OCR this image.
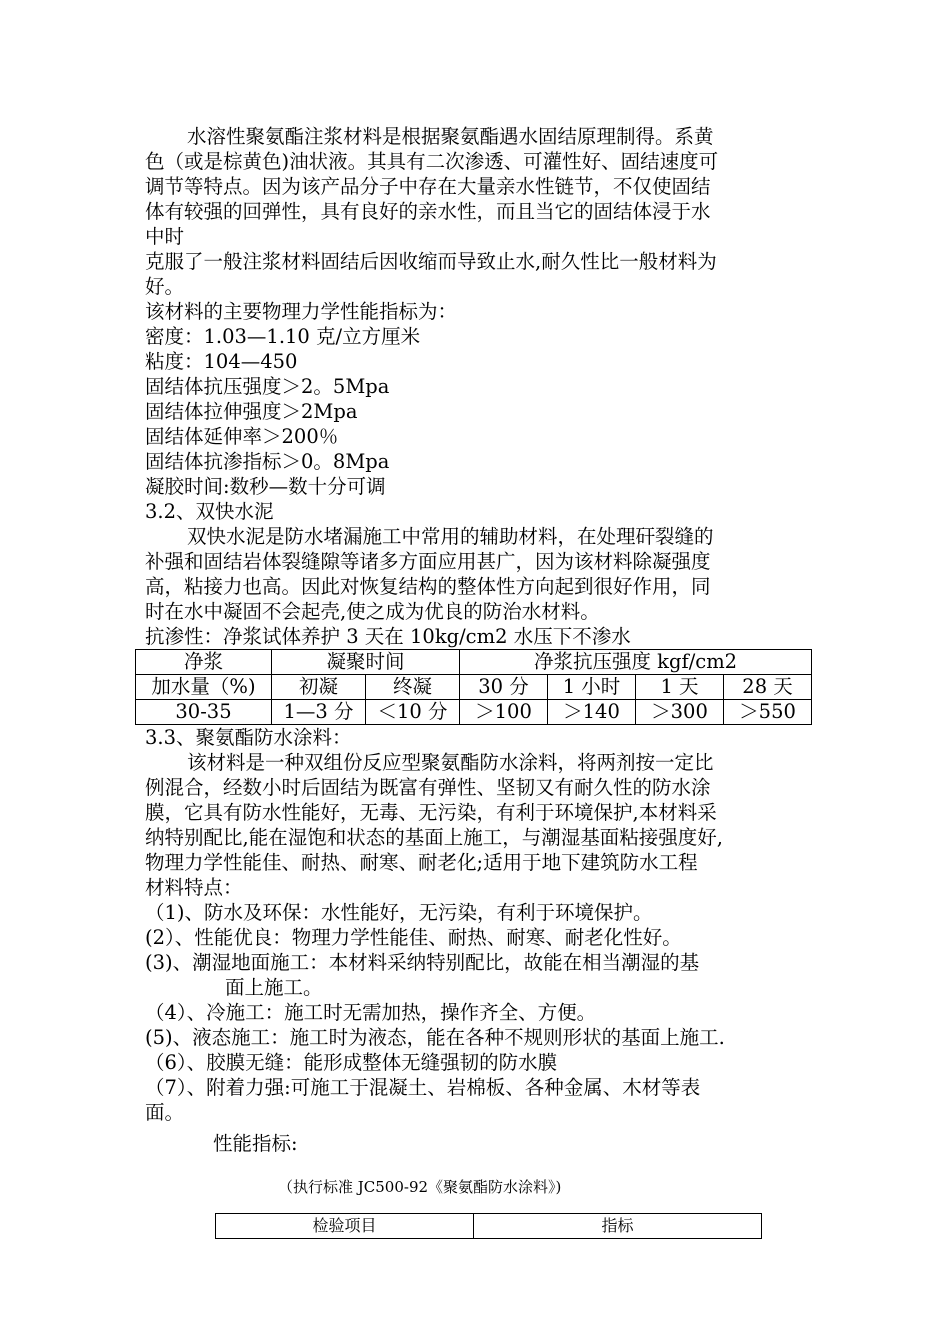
水溶性聚氨酯注浆材料是根据聚氨酯遇水固结原理制得。系黄

色（或是棕黄色)油状液。其具有二次渗透、可灌性好、固结速度可

调节等特点。因为该产品分子中存在大量亲水性链节，不仅使固结

体有较强的回弹性，具有良好的亲水性，而且当它的固结体浸于水

中时

克服了一般注浆材料固结后因收缩而导致止水,耐久性比一般材料为

好。

该材料的主要物理力学性能指标为：

密度：1.03—1.10 克/立方厘米

粘度：104—450

固结体抗压强度＞2。5Mpa

固结体拉伸强度＞2Mpa

固结体延伸率＞200％

固结体抗渗指标＞0。8Mpa

凝胶时间:数秒—数十分可调

3.2、双快水泥

双快水泥是防水堵漏施工中常用的辅助材料，在处理矸裂缝的

补强和固结岩体裂缝隙等诸多方面应用甚广，因为该材料除凝强度

高，粘接力也高。因此对恢复结构的整体性方向起到很好作用，同

时在水中凝固不会起壳,使之成为优良的防治水材料。

抗渗性：净浆试体养护 3 天在 10kg/cm2 水压下不渗水

净浆	凝聚时间		净浆抗压强度 kgf/cm2			
加水量（%)	初凝	终凝	30 分	1 小时	1 天	28 天
30-35	1—3 分	＜10 分	＞100	＞140	＞300	＞550

3.3、聚氨酯防水涂料：

该材料是一种双组份反应型聚氨酯防水涂料，将两剂按一定比

例混合，经数小时后固结为既富有弹性、坚韧又有耐久性的防水涂

膜，它具有防水性能好，无毒、无污染，有利于环境保护,本材料采

纳特别配比,能在湿饱和状态的基面上施工，与潮湿基面粘接强度好,

物理力学性能佳、耐热、耐寒、耐老化;适用于地下建筑防水工程

材料特点：

（1)、防水及环保：水性能好，无污染，有利于环境保护。

(2）、性能优良：物理力学性能佳、耐热、耐寒、耐老化性好。

(3)、潮湿地面施工：本材料采纳特别配比，故能在相当潮湿的基

面上施工。

（4）、冷施工：施工时无需加热，操作齐全、方便。

(5)、液态施工：施工时为液态，能在各种不规则形状的基面上施工.

（6）、胶膜无缝：能形成整体无缝强韧的防水膜

（7）、附着力强:可施工于混凝土、岩棉板、各种金属、木材等表

面。

性能指标:

（执行标准 JC500-92《聚氨酯防水涂料》)

检验项目	指标
